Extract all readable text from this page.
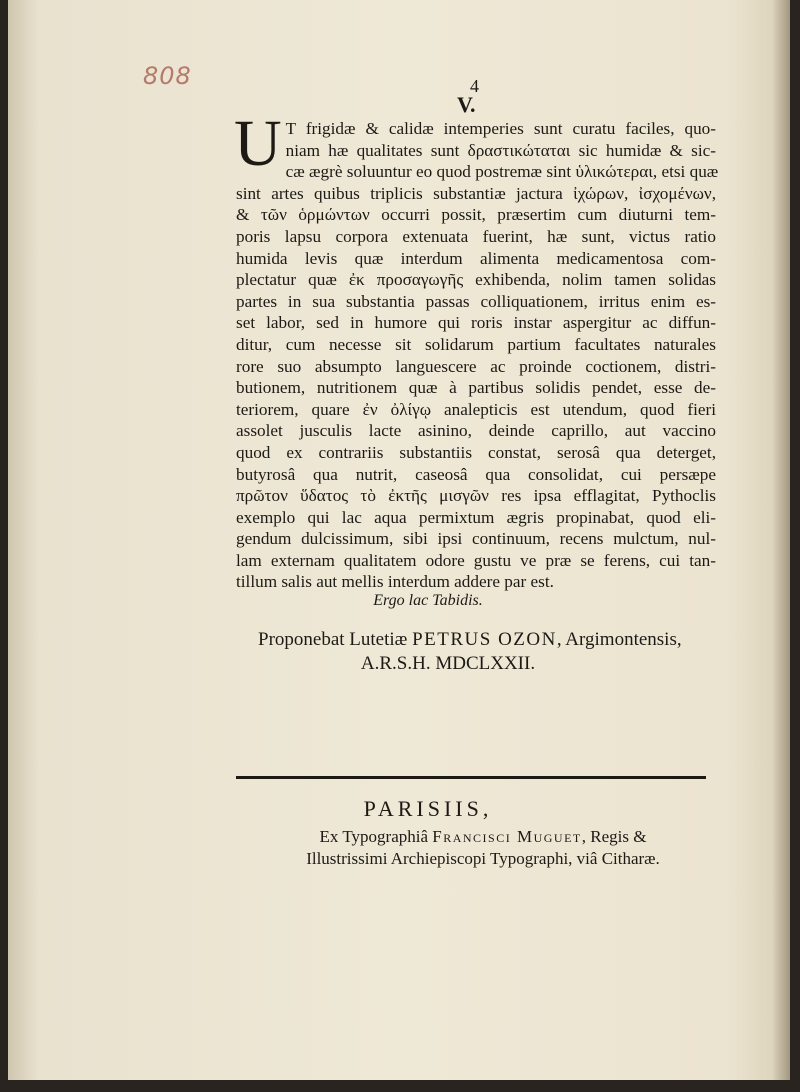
808	4
V.
U T frigidæ & calidæ intemperies sunt curatu faciles, quo-
niam hæ qualitates sunt δραστικώταται sic humidæ & sic-
cæ ægrè soluuntur eo quod postremæ sint ὑλικώτεραι, etsi quæ
sint artes quibus triplicis substantiæ jactura ἰχώρων, ἰσχομένων,
& τῶν ὁρμώντων occurri possit, præsertim cum diuturni tem-
poris lapsu corpora extenuata fuerint, hæ sunt, victus ratio
humida levis quæ interdum alimenta medicamentosa com-
plectatur quæ ἐκ προσαγωγῆς exhibenda, nolim tamen solidas
partes in sua substantia passas colliquationem, irritus enim es-
set labor, sed in humore qui roris instar aspergitur ac diffun-
ditur, cum necesse sit solidarum partium facultates naturales
rore suo absumpto languescere ac proinde coctionem, distri-
butionem, nutritionem quæ à partibus solidis pendet, esse de-
teriorem, quare ἐν ὀλίγῳ analepticis est utendum, quod fieri
assolet jusculis lacte asinino, deinde caprillo, aut vaccino
quod ex contrariis substantiis constat, serosâ qua deterget,
butyrosâ qua nutrit, caseosâ qua consolidat, cui persæpe
πρῶτον ὕδατος τὸ ἐκτῆς μισγῶν res ipsa efflagitat, Pythoclis
exemplo qui lac aqua permixtum ægris propinabat, quod eli-
gendum dulcissimum, sibi ipsi continuum, recens mulctum, nul-
lam externam qualitatem odore gustu ve præ se ferens, cui tan-
tillum salis aut mellis interdum addere par est.
Ergo lac Tabidis.
Proponebat Lutetiæ PETRUS OZON, Argimontensis,
A.R.S.H. MDCLXXII.
PARISIIS,
Ex Typographiâ Francisci Muguet, Regis &
Illustrissimi Archiepiscopi Typographi, viâ Citharæ.
